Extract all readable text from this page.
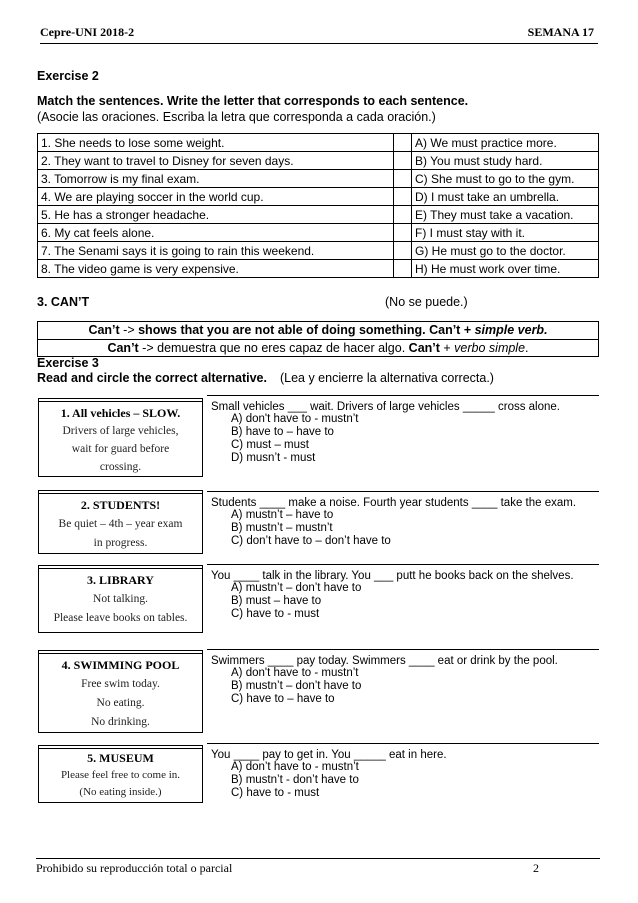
Cepre-UNI 2018-2	SEMANA 17
Exercise 2
Match the sentences. Write the letter that corresponds to each sentence.
(Asocie las oraciones. Escriba la letra que corresponda a cada oración.)
1. She needs to lose some weight.		A) We must practice more.
2. They want to travel to Disney for seven days.		B) You must study hard.
3. Tomorrow is my final exam.		C) She must to go to the gym.
4. We are playing soccer in the world cup.		D) I must take an umbrella.
5. He has a stronger headache.		E) They must take a vacation.
6. My cat feels alone.		F) I must stay with it.
7. The Senami says it is going to rain this weekend.		G) He must go to the doctor.
8. The video game is very expensive.		H) He must work over time.
3. CAN’T	(No se puede.)
Can’t -> shows that you are not able of doing something. Can’t + simple verb.
Can’t -> demuestra que no eres capaz de hacer algo. Can’t + verbo simple.
Exercise 3
Read and circle the correct alternative. (Lea y encierre la alternativa correcta.)
1. All vehicles – SLOW.
Drivers of large vehicles,
wait for guard before
crossing.
Small vehicles ___ wait. Drivers of large vehicles _____ cross alone.
A) don't have to - mustn’t
B) have to – have to
C) must – must
D) musn’t - must
2. STUDENTS!
Be quiet – 4th – year exam
in progress.
Students ____ make a noise. Fourth year students ____ take the exam.
A) mustn’t – have to
B) mustn’t – mustn’t
C) don’t have to – don’t have to
3. LIBRARY
Not talking.
Please leave books on tables.
You ____ talk in the library. You ___ putt he books back on the shelves.
A) mustn’t – don’t have to
B) must – have to
C) have to - must
4. SWIMMING POOL
Free swim today.
No eating.
No drinking.
Swimmers ____ pay today. Swimmers ____ eat or drink by the pool.
A) don't have to - mustn’t
B) mustn’t – don’t have to
C) have to – have to
5. MUSEUM
Please feel free to come in.
(No eating inside.)
You ____ pay to get in. You _____ eat in here.
A) don’t have to - mustn’t
B) mustn’t - don’t have to
C) have to - must
Prohibido su reproducción total o parcial	2
